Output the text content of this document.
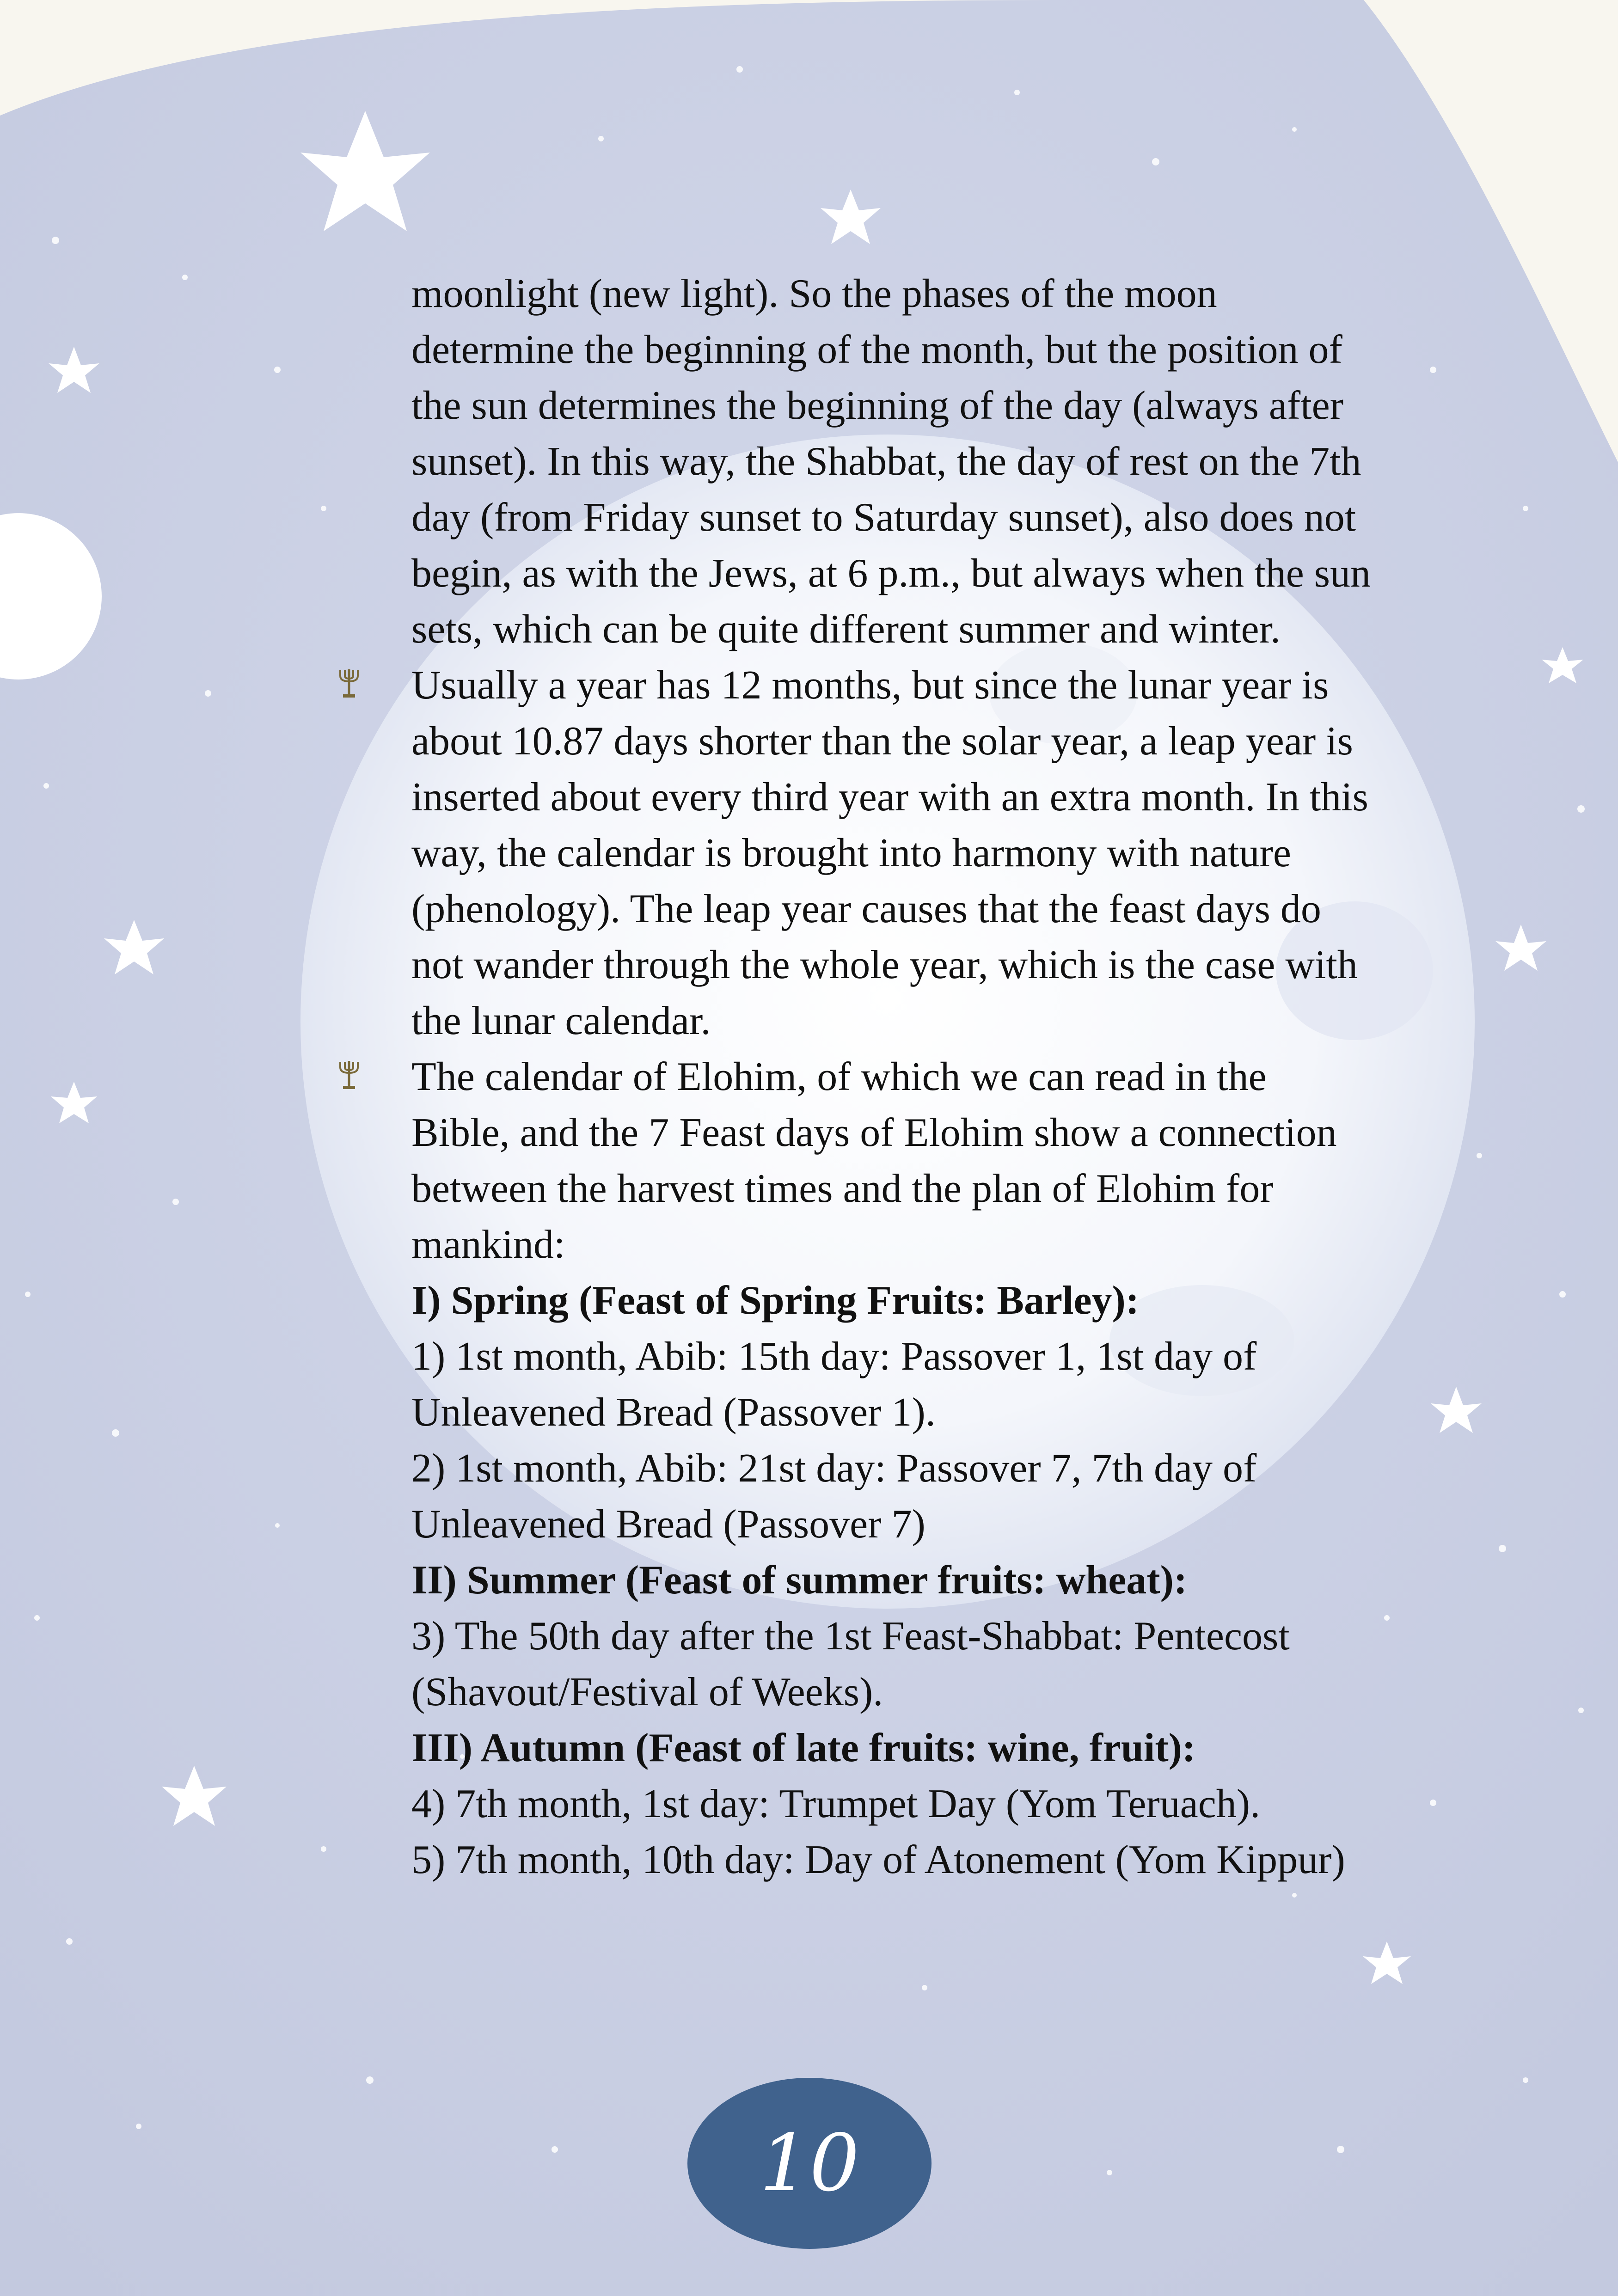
moonlight (new light). So the phases of the moon determine the beginning of the month, but the position of the sun determines the beginning of the day (always after sunset). In this way, the Shabbat, the day of rest on the 7th day (from Friday sunset to Saturday sunset), also does not begin, as with the Jews, at 6 p.m., but always when the sun sets, which can be quite different summer and winter.

Usually a year has 12 months, but since the lunar year is about 10.87 days shorter than the solar year, a leap year is inserted about every third year with an extra month. In this way, the calendar is brought into harmony with nature (phenology). The leap year causes that the feast days do not wander through the whole year, which is the case with the lunar calendar.

The calendar of Elohim, of which we can read in the Bible, and the 7 Feast days of Elohim show a connection between the harvest times and the plan of Elohim for mankind:

I) Spring (Feast of Spring Fruits: Barley):

1) 1st month, Abib: 15th day: Passover 1, 1st day of Unleavened Bread (Passover 1).

2) 1st month, Abib: 21st day: Passover 7, 7th day of Unleavened Bread (Passover 7)

II) Summer (Feast of summer fruits: wheat):

3) The 50th day after the 1st Feast-Shabbat: Pentecost (Shavout/Festival of Weeks).

III) Autumn (Feast of late fruits: wine, fruit):

4) 7th month, 1st day: Trumpet Day (Yom Teruach).

5) 7th month, 10th day: Day of Atonement (Yom Kippur)

10
